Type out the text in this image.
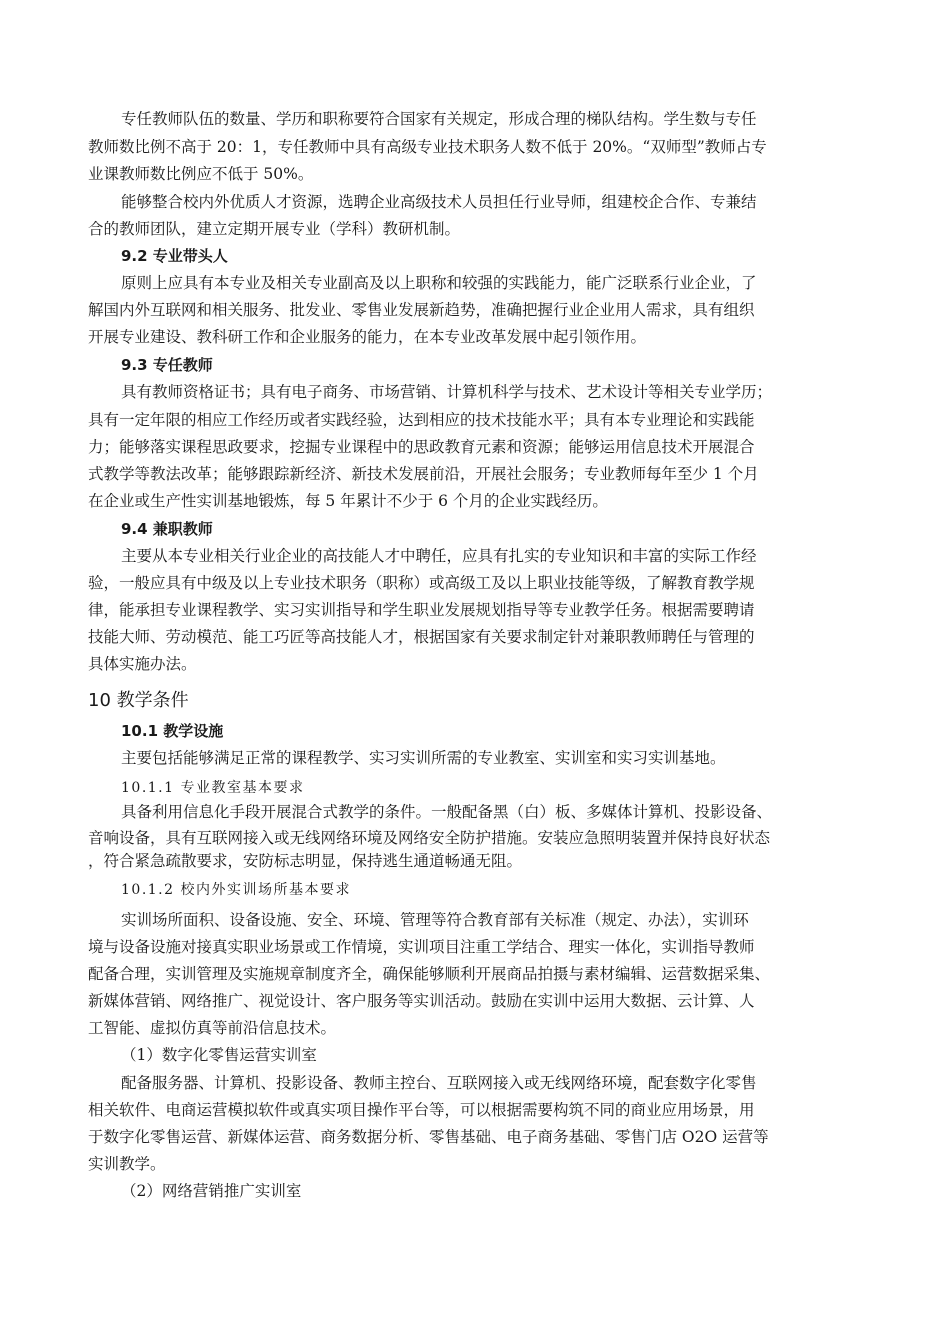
专任教师队伍的数量、学历和职称要符合国家有关规定，形成合理的梯队结构。学生数与专任
教师数比例不高于 20：1，专任教师中具有高级专业技术职务人数不低于 20%。“双师型”教师占专
业课教师数比例应不低于 50%。
能够整合校内外优质人才资源，选聘企业高级技术人员担任行业导师，组建校企合作、专兼结
合的教师团队，建立定期开展专业（学科）教研机制。
9.2 专业带头人
原则上应具有本专业及相关专业副高及以上职称和较强的实践能力，能广泛联系行业企业，了
解国内外互联网和相关服务、批发业、零售业发展新趋势，准确把握行业企业用人需求，具有组织
开展专业建设、教科研工作和企业服务的能力，在本专业改革发展中起引领作用。
9.3 专任教师
具有教师资格证书；具有电子商务、市场营销、计算机科学与技术、艺术设计等相关专业学历；
具有一定年限的相应工作经历或者实践经验，达到相应的技术技能水平；具有本专业理论和实践能
力；能够落实课程思政要求，挖掘专业课程中的思政教育元素和资源；能够运用信息技术开展混合
式教学等教法改革；能够跟踪新经济、新技术发展前沿，开展社会服务；专业教师每年至少 1 个月
在企业或生产性实训基地锻炼，每 5 年累计不少于 6 个月的企业实践经历。
9.4 兼职教师
主要从本专业相关行业企业的高技能人才中聘任，应具有扎实的专业知识和丰富的实际工作经
验，一般应具有中级及以上专业技术职务（职称）或高级工及以上职业技能等级，了解教育教学规
律，能承担专业课程教学、实习实训指导和学生职业发展规划指导等专业教学任务。根据需要聘请
技能大师、劳动模范、能工巧匠等高技能人才，根据国家有关要求制定针对兼职教师聘任与管理的
具体实施办法。
10 教学条件
10.1 教学设施
主要包括能够满足正常的课程教学、实习实训所需的专业教室、实训室和实习实训基地。
10.1.1 专业教室基本要求
具备利用信息化手段开展混合式教学的条件。一般配备黑（白）板、多媒体计算机、投影设备、
音响设备，具有互联网接入或无线网络环境及网络安全防护措施。安装应急照明装置并保持良好状态
，符合紧急疏散要求，安防标志明显，保持逃生通道畅通无阻。
10.1.2 校内外实训场所基本要求
实训场所面积、设备设施、安全、环境、管理等符合教育部有关标准（规定、办法），实训环
境与设备设施对接真实职业场景或工作情境，实训项目注重工学结合、理实一体化，实训指导教师
配备合理，实训管理及实施规章制度齐全，确保能够顺利开展商品拍摄与素材编辑、运营数据采集、
新媒体营销、网络推广、视觉设计、客户服务等实训活动。鼓励在实训中运用大数据、云计算、人
工智能、虚拟仿真等前沿信息技术。
（1）数字化零售运营实训室
配备服务器、计算机、投影设备、教师主控台、互联网接入或无线网络环境，配套数字化零售
相关软件、电商运营模拟软件或真实项目操作平台等，可以根据需要构筑不同的商业应用场景，用
于数字化零售运营、新媒体运营、商务数据分析、零售基础、电子商务基础、零售门店 O2O 运营等
实训教学。
（2）网络营销推广实训室
